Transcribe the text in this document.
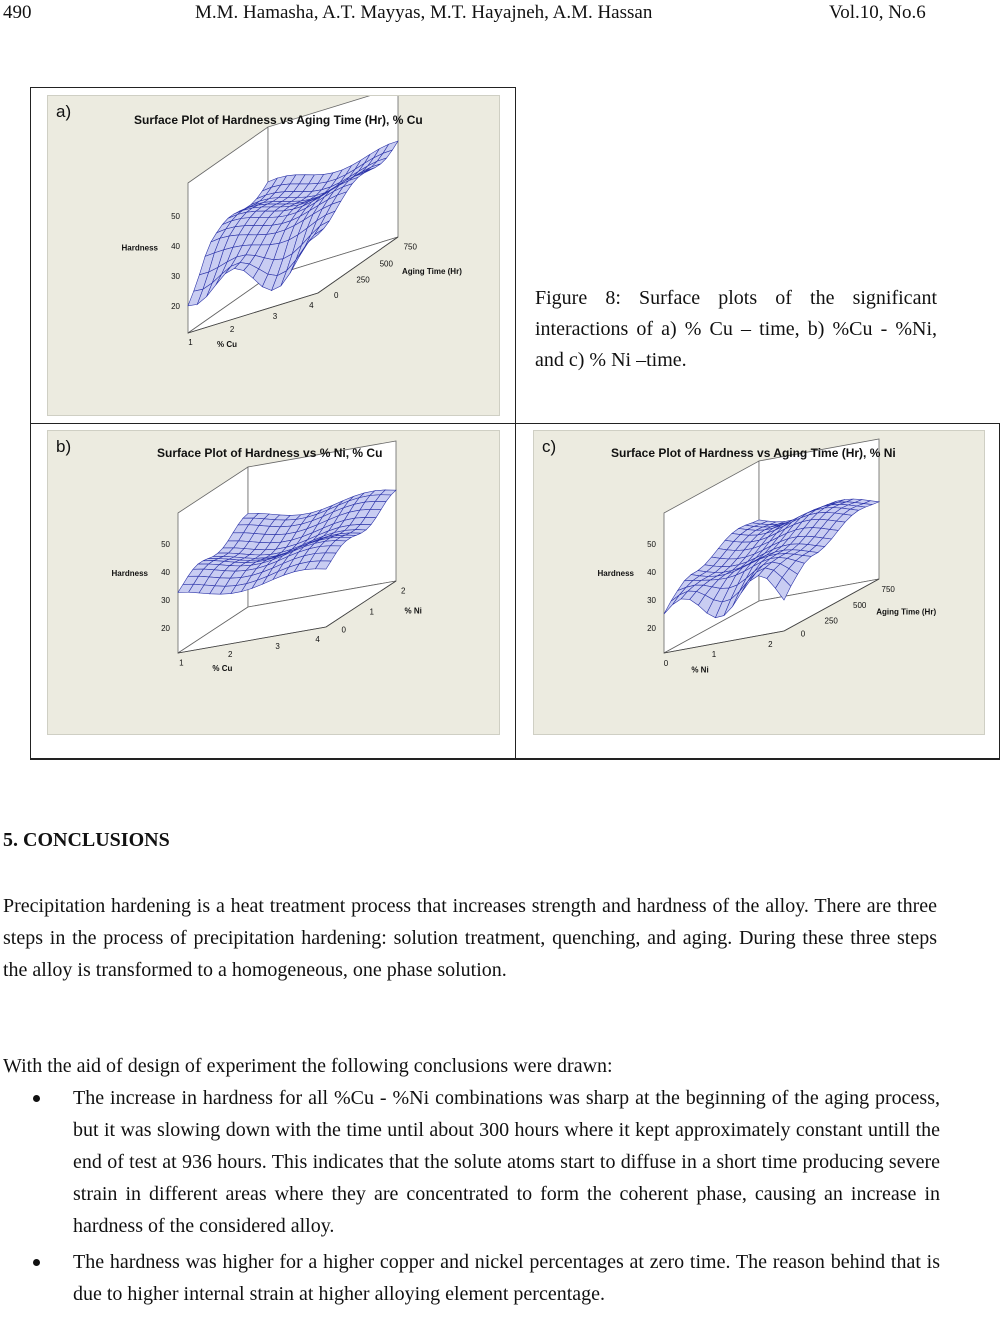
490	M.M. Hamasha, A.T. Mayyas, M.T. Hayajneh, A.M. Hassan	Vol.10, No.6
50
40
30
20
Hardness
1
2
3
4
% Cu
0
250
500
750
Aging Time (Hr)
a)	Surface Plot of Hardness vs Aging Time (Hr), % Cu
50
40
30
20
Hardness
1
2
3
4
% Cu
0
1
2
% Ni
b)	Surface Plot of Hardness vs % Ni, % Cu
50
40
30
20
Hardness
0
1
2
% Ni
0
250
500
750
Aging Time (Hr)
c)	Surface Plot of Hardness vs Aging Time (Hr), % Ni
Figure 8: Surface plots of the significant interactions of a) % Cu – time, b) %Cu - %Ni, and c) % Ni –time.
5. CONCLUSIONS
Precipitation hardening is a heat treatment process that increases strength and hardness of the alloy. There are three steps in the process of precipitation hardening: solution treatment, quenching, and aging. During these three steps the alloy is transformed to a homogeneous, one phase solution.
With the aid of design of experiment the following conclusions were drawn:
The increase in hardness for all %Cu - %Ni combinations was sharp at the beginning of the aging process, but it was slowing down with the time until about 300 hours where it kept approximately constant untill the end of test at 936 hours. This indicates that the solute atoms start to diffuse in a short time producing severe strain in different areas where they are concentrated to form the coherent phase, causing an increase in hardness of the considered alloy.
The hardness was higher for a higher copper and nickel percentages at zero time. The reason behind that is due to higher internal strain at higher alloying element percentage.
